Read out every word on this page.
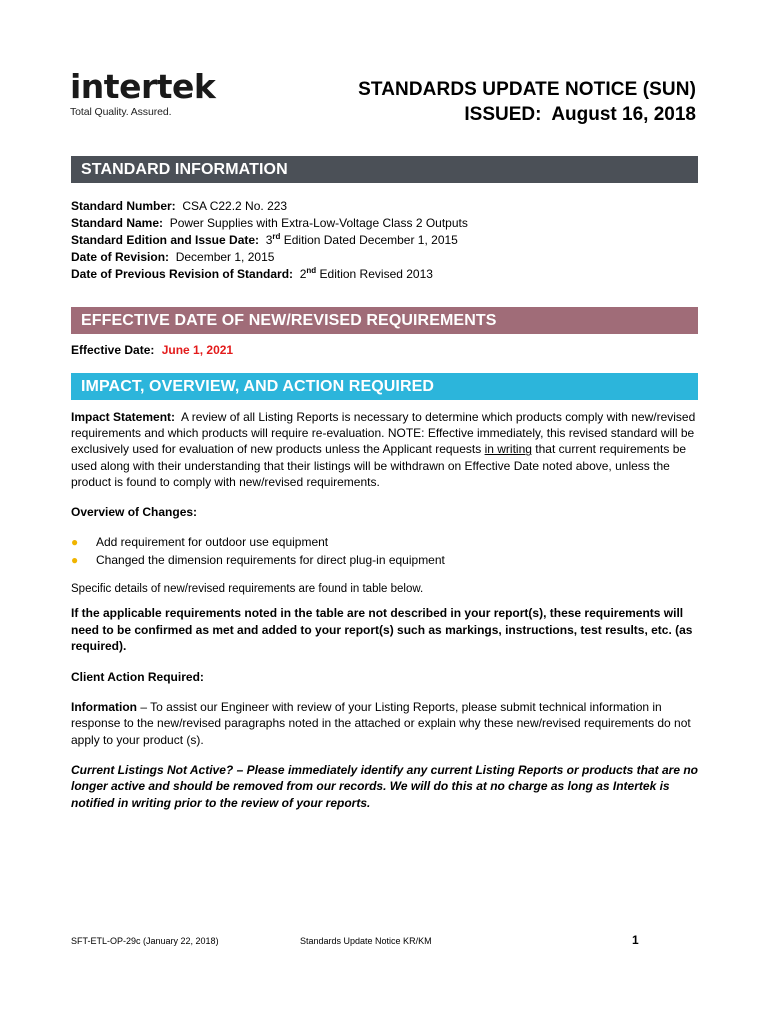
intertek
Total Quality. Assured.
STANDARDS UPDATE NOTICE (SUN)
ISSUED: August 16, 2018
STANDARD INFORMATION
Standard Number: CSA C22.2 No. 223
Standard Name: Power Supplies with Extra-Low-Voltage Class 2 Outputs
Standard Edition and Issue Date: 3rd Edition Dated December 1, 2015
Date of Revision: December 1, 2015
Date of Previous Revision of Standard: 2nd Edition Revised 2013
EFFECTIVE DATE OF NEW/REVISED REQUIREMENTS
Effective Date: June 1, 2021
IMPACT, OVERVIEW, AND ACTION REQUIRED
Impact Statement: A review of all Listing Reports is necessary to determine which products comply with new/revised requirements and which products will require re-evaluation. NOTE: Effective immediately, this revised standard will be exclusively used for evaluation of new products unless the Applicant requests in writing that current requirements be used along with their understanding that their listings will be withdrawn on Effective Date noted above, unless the product is found to comply with new/revised requirements.
Overview of Changes:
● Add requirement for outdoor use equipment
● Changed the dimension requirements for direct plug-in equipment
Specific details of new/revised requirements are found in table below.
If the applicable requirements noted in the table are not described in your report(s), these requirements will need to be confirmed as met and added to your report(s) such as markings, instructions, test results, etc. (as required).
Client Action Required:
Information – To assist our Engineer with review of your Listing Reports, please submit technical information in response to the new/revised paragraphs noted in the attached or explain why these new/revised requirements do not apply to your product (s).
Current Listings Not Active? – Please immediately identify any current Listing Reports or products that are no longer active and should be removed from our records. We will do this at no charge as long as Intertek is notified in writing prior to the review of your reports.
SFT-ETL-OP-29c (January 22, 2018)	Standards Update Notice KR/KM	1
